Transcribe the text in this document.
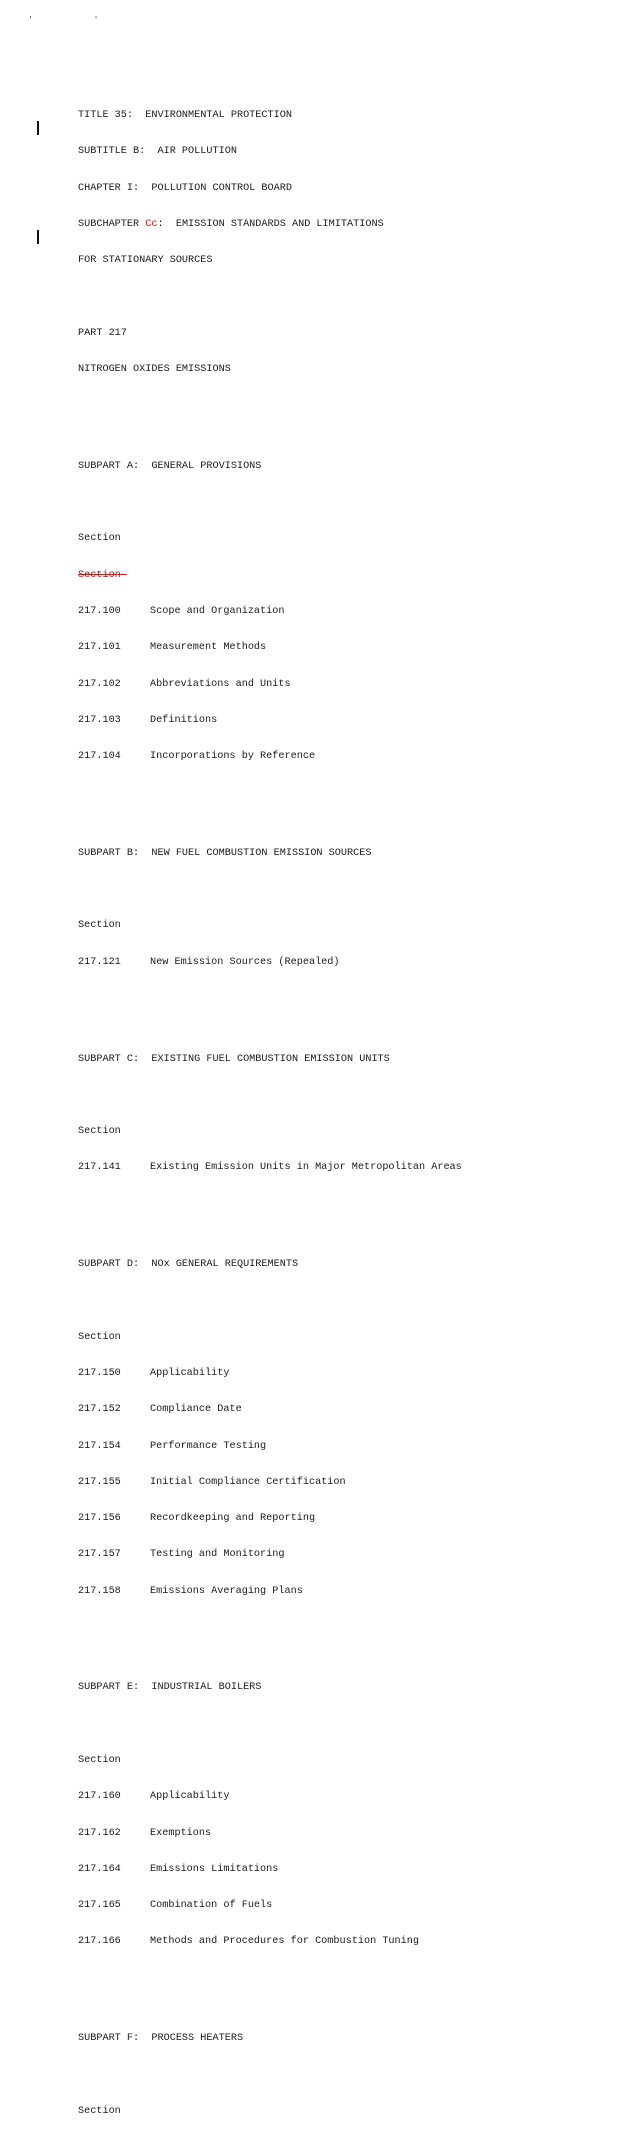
' '

TITLE 35:  ENVIRONMENTAL PROTECTION

SUBTITLE B:  AIR POLLUTION

CHAPTER I:  POLLUTION CONTROL BOARD

SUBCHAPTER Cc:  EMISSION STANDARDS AND LIMITATIONS

FOR STATIONARY SOURCES

PART 217

NITROGEN OXIDES EMISSIONS

SUBPART A:  GENERAL PROVISIONS

Section

Section

217.100	Scope and Organization

217.101	Measurement Methods

217.102	Abbreviations and Units

217.103	Definitions

217.104	Incorporations by Reference

SUBPART B:  NEW FUEL COMBUSTION EMISSION SOURCES

Section

217.121	New Emission Sources (Repealed)

SUBPART C:  EXISTING FUEL COMBUSTION EMISSION UNITS

Section

217.141	Existing Emission Units in Major Metropolitan Areas

SUBPART D:  NOx GENERAL REQUIREMENTS

Section

217.150	Applicability

217.152	Compliance Date

217.154	Performance Testing

217.155	Initial Compliance Certification

217.156	Recordkeeping and Reporting

217.157	Testing and Monitoring

217.158	Emissions Averaging Plans

SUBPART E:  INDUSTRIAL BOILERS

Section

217.160	Applicability

217.162	Exemptions

217.164	Emissions Limitations

217.165	Combination of Fuels

217.166	Methods and Procedures for Combustion Tuning

SUBPART F:  PROCESS HEATERS

Section
